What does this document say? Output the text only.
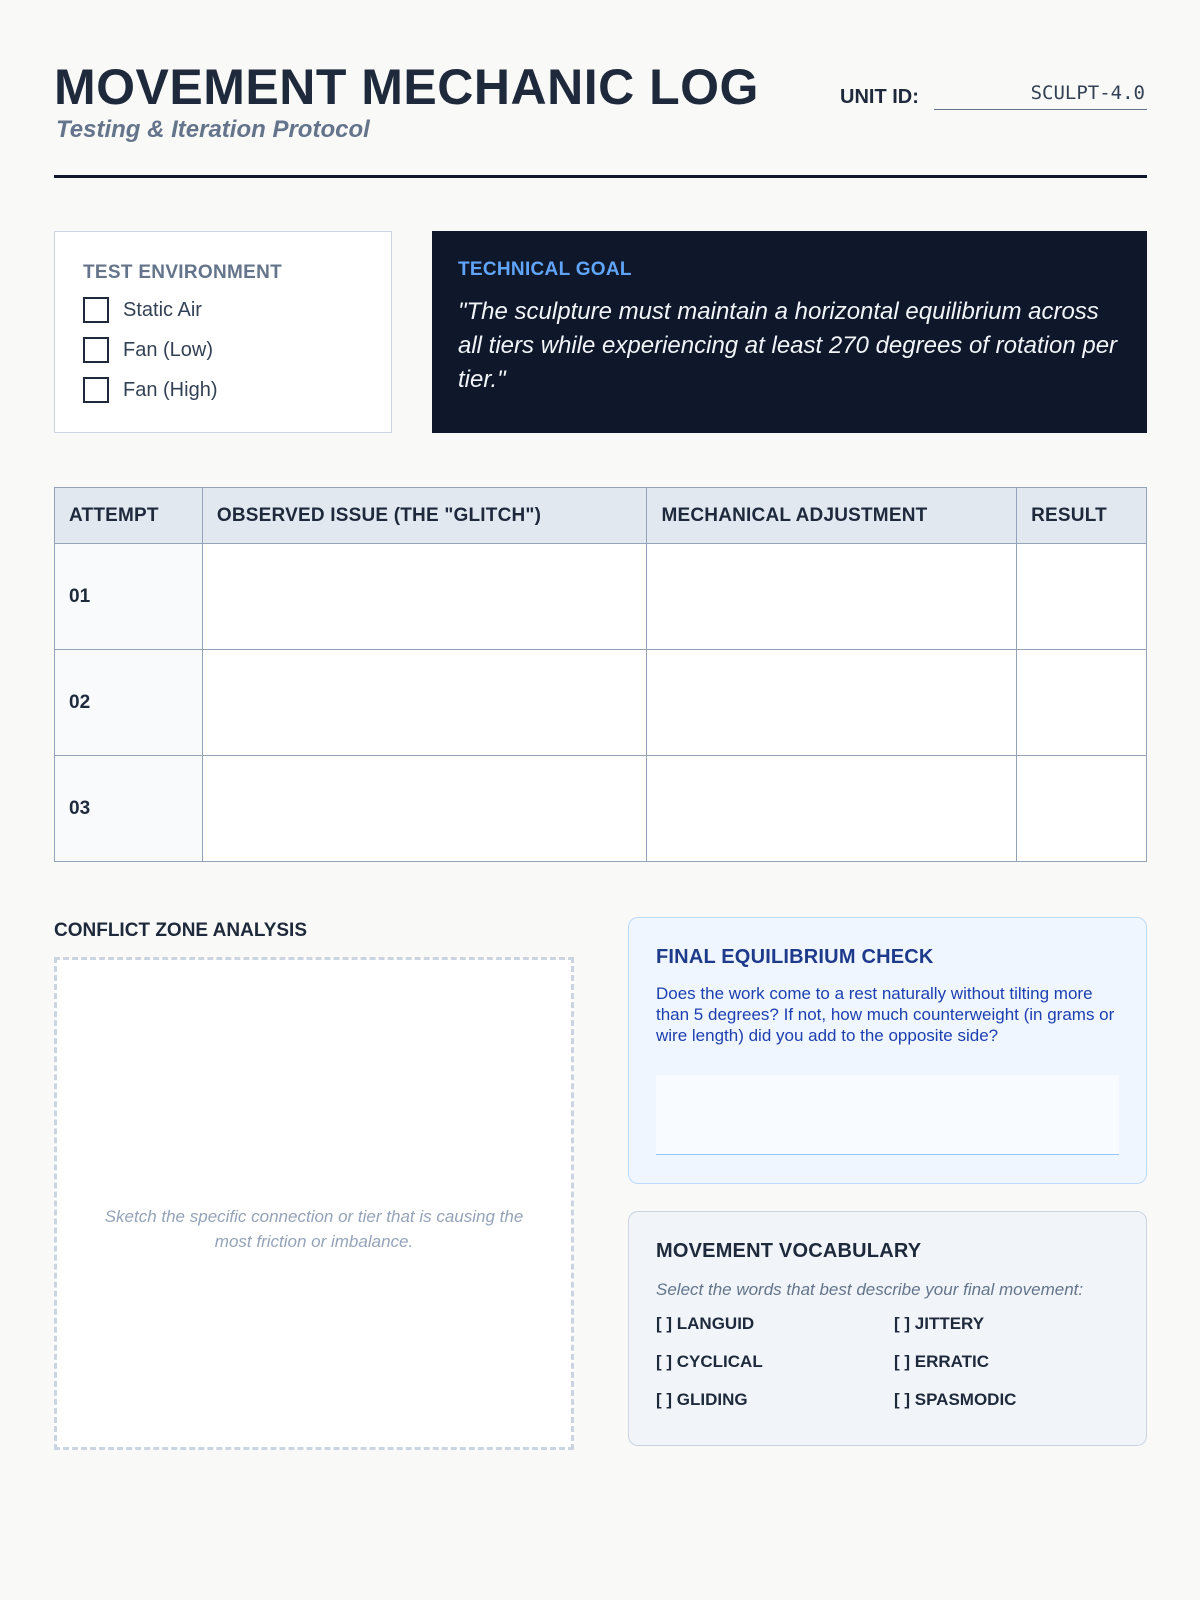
MOVEMENT MECHANIC LOG
Testing & Iteration Protocol
UNIT ID:	SCULPT-4.0
TEST ENVIRONMENT
Static Air
Fan (Low)
Fan (High)
TECHNICAL GOAL
"The sculpture must maintain a horizontal equilibrium across all tiers while experiencing at least 270 degrees of rotation per tier."
ATTEMPT	OBSERVED ISSUE (THE "GLITCH")	MECHANICAL ADJUSTMENT	RESULT
01			
02			
03			
CONFLICT ZONE ANALYSIS
Sketch the specific connection or tier that is causing the most friction or imbalance.
FINAL EQUILIBRIUM CHECK
Does the work come to a rest naturally without tilting more than 5 degrees? If not, how much counterweight (in grams or wire length) did you add to the opposite side?
MOVEMENT VOCABULARY
Select the words that best describe your final movement:
[ ] LANGUID	[ ] JITTERY
[ ] CYCLICAL	[ ] ERRATIC
[ ] GLIDING	[ ] SPASMODIC
